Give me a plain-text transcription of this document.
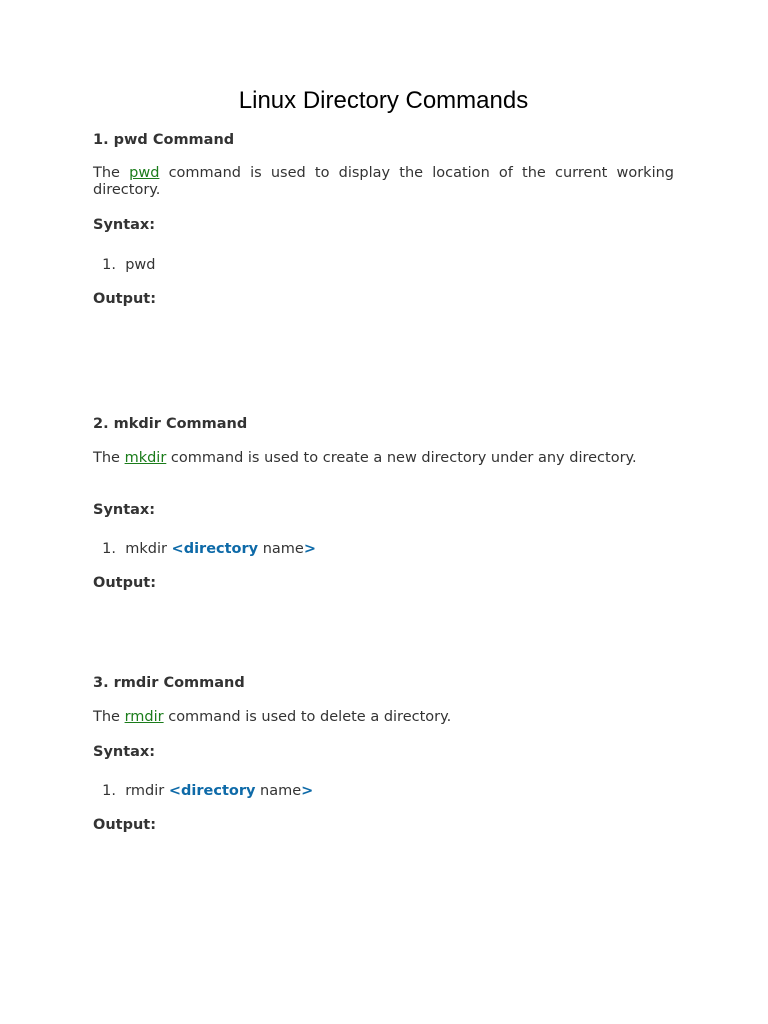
Linux Directory Commands

1. pwd Command

The pwd command is used to display the location of the current working directory.

Syntax:

1. pwd

Output:

2. mkdir Command

The mkdir command is used to create a new directory under any directory.

Syntax:

1. mkdir <directory name>

Output:

3. rmdir Command

The rmdir command is used to delete a directory.

Syntax:

1. rmdir <directory name>

Output:
